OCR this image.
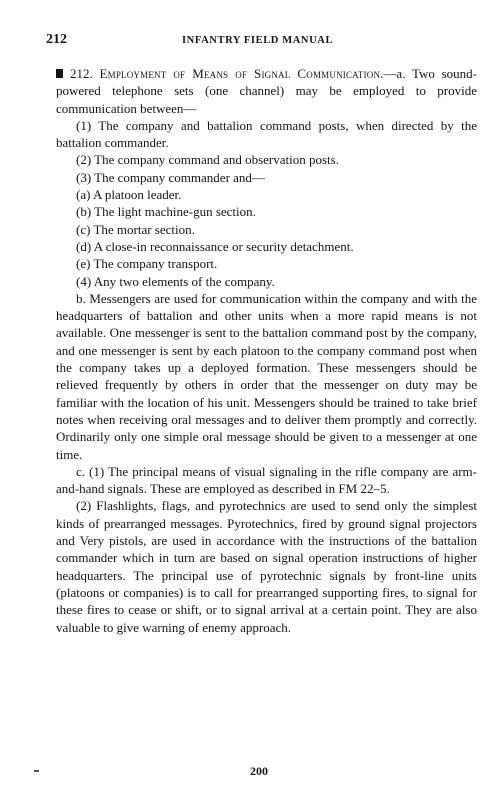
212	INFANTRY FIELD MANUAL

212. Employment of Means of Signal Communication.—a. Two sound-powered telephone sets (one channel) may be employed to provide communication between—

(1) The company and battalion command posts, when directed by the battalion commander.

(2) The company command and observation posts.

(3) The company commander and—

(a) A platoon leader.

(b) The light machine-gun section.

(c) The mortar section.

(d) A close-in reconnaissance or security detachment.

(e) The company transport.

(4) Any two elements of the company.

b. Messengers are used for communication within the company and with the headquarters of battalion and other units when a more rapid means is not available. One messenger is sent to the battalion command post by the company, and one messenger is sent by each platoon to the company command post when the company takes up a deployed formation. These messengers should be relieved frequently by others in order that the messenger on duty may be familiar with the location of his unit. Messengers should be trained to take brief notes when receiving oral messages and to deliver them promptly and correctly. Ordinarily only one simple oral message should be given to a messenger at one time.

c. (1) The principal means of visual signaling in the rifle company are arm-and-hand signals. These are employed as described in FM 22–5.

(2) Flashlights, flags, and pyrotechnics are used to send only the simplest kinds of prearranged messages. Pyrotechnics, fired by ground signal projectors and Very pistols, are used in accordance with the instructions of the battalion commander which in turn are based on signal operation instructions of higher headquarters. The principal use of pyrotechnic signals by front-line units (platoons or companies) is to call for prearranged supporting fires, to signal for these fires to cease or shift, or to signal arrival at a certain point. They are also valuable to give warning of enemy approach.

200
